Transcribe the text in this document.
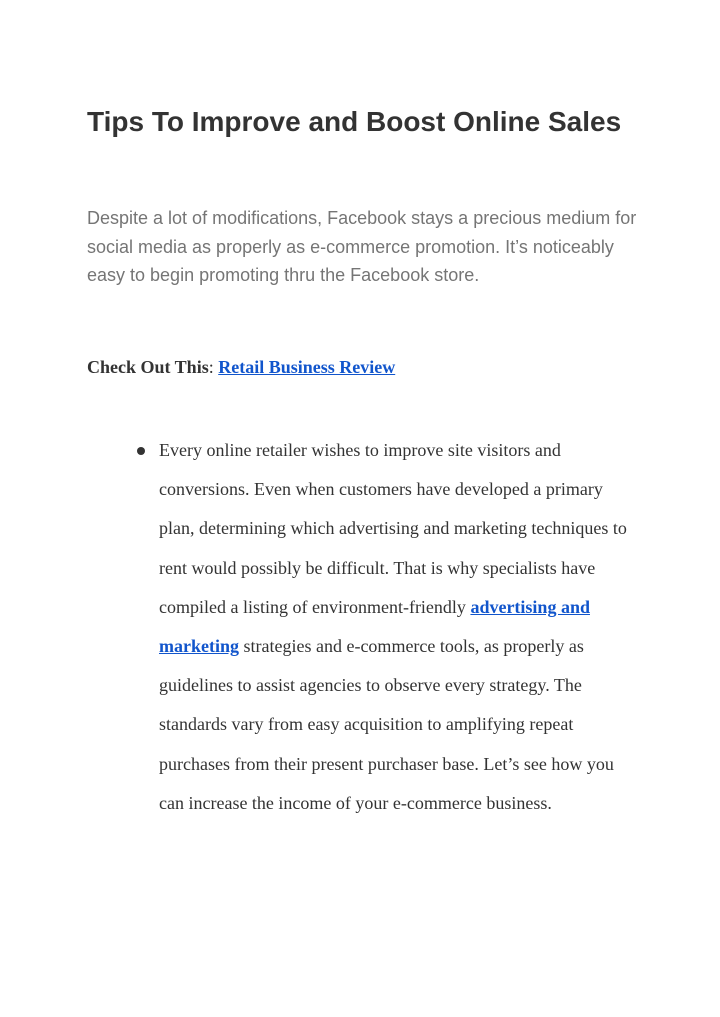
Tips To Improve and Boost Online Sales

Despite a lot of modifications, Facebook stays a precious medium for social media as properly as e-commerce promotion. It’s noticeably easy to begin promoting thru the Facebook store.

Check Out This: Retail Business Review

Every online retailer wishes to improve site visitors and conversions. Even when customers have developed a primary plan, determining which advertising and marketing techniques to rent would possibly be difficult. That is why specialists have compiled a listing of environment-friendly advertising and marketing strategies and e-commerce tools, as properly as guidelines to assist agencies to observe every strategy. The standards vary from easy acquisition to amplifying repeat purchases from their present purchaser base. Let’s see how you can increase the income of your e-commerce business.
